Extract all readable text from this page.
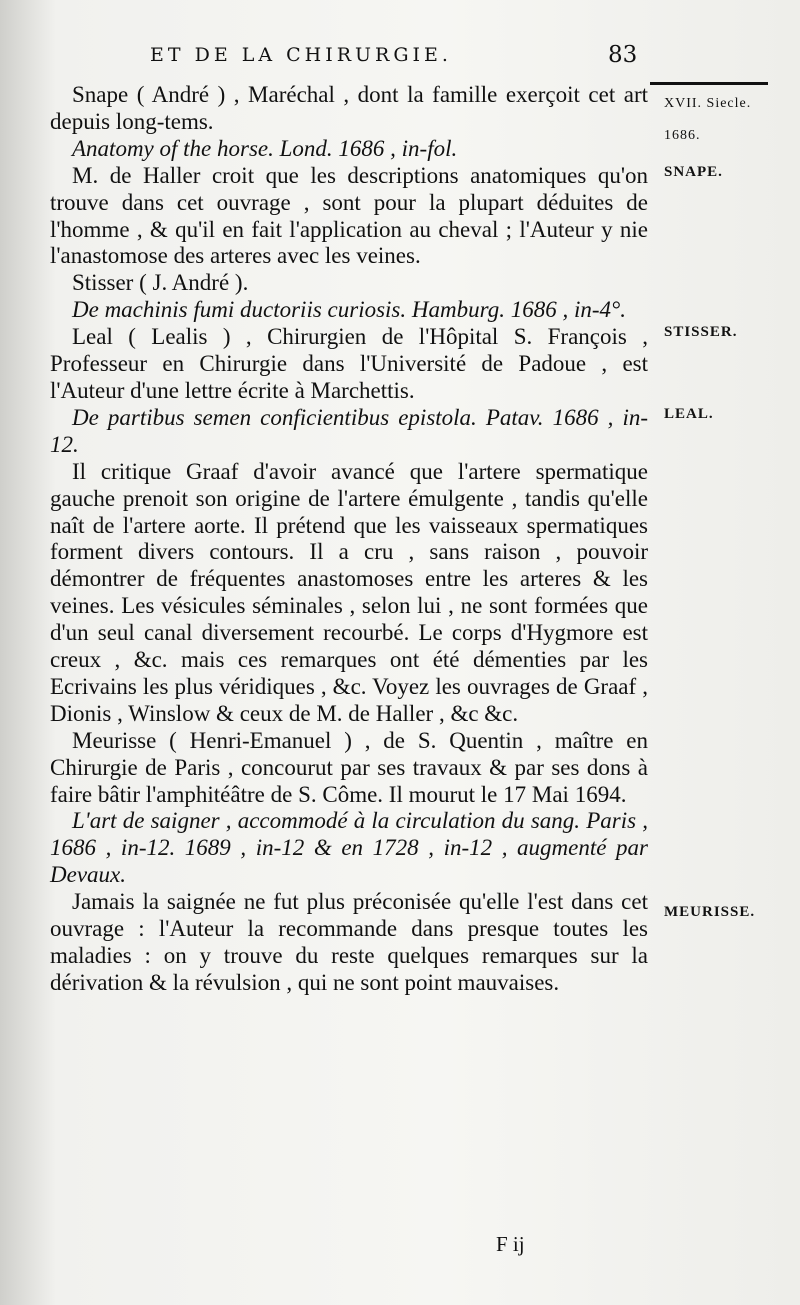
ET DE LA CHIRURGIE.	83
XVII. Siecle.
1686.
SNAPE.
STISSER.
LEAL.
MEURISSE.

Snape ( André ) , Maréchal , dont la famille exerçoit cet art depuis long-tems.

Anatomy of the horse. Lond. 1686 , in-fol.

M. de Haller croit que les descriptions anatomiques qu'on trouve dans cet ouvrage , sont pour la plupart déduites de l'homme , & qu'il en fait l'application au cheval ; l'Auteur y nie l'anastomose des arteres avec les veines.

Stisser ( J. André ).

De machinis fumi ductoriis curiosis. Hamburg. 1686 , in-4°.

Leal ( Lealis ) , Chirurgien de l'Hôpital S. François , Professeur en Chirurgie dans l'Université de Padoue , est l'Auteur d'une lettre écrite à Marchettis.

De partibus semen conficientibus epistola. Patav. 1686 , in-12.

Il critique Graaf d'avoir avancé que l'artere spermatique gauche prenoit son origine de l'artere émulgente , tandis qu'elle naît de l'artere aorte. Il prétend que les vaisseaux spermatiques forment divers contours. Il a cru , sans raison , pouvoir démontrer de fréquentes anastomoses entre les arteres & les veines. Les vésicules séminales , selon lui , ne sont formées que d'un seul canal diversement recourbé. Le corps d'Hygmore est creux , &c. mais ces remarques ont été démenties par les Ecrivains les plus véridiques , &c. Voyez les ouvrages de Graaf , Dionis , Winslow & ceux de M. de Haller , &c &c.

Meurisse ( Henri-Emanuel ) , de S. Quentin , maître en Chirurgie de Paris , concourut par ses travaux & par ses dons à faire bâtir l'amphitéâtre de S. Côme. Il mourut le 17 Mai 1694.

L'art de saigner , accommodé à la circulation du sang. Paris , 1686 , in-12. 1689 , in-12 & en 1728 , in-12 , augmenté par Devaux.

Jamais la saignée ne fut plus préconisée qu'elle l'est dans cet ouvrage : l'Auteur la recommande dans presque toutes les maladies : on y trouve du reste quelques remarques sur la dérivation & la révulsion , qui ne sont point mauvaises.

F ij
